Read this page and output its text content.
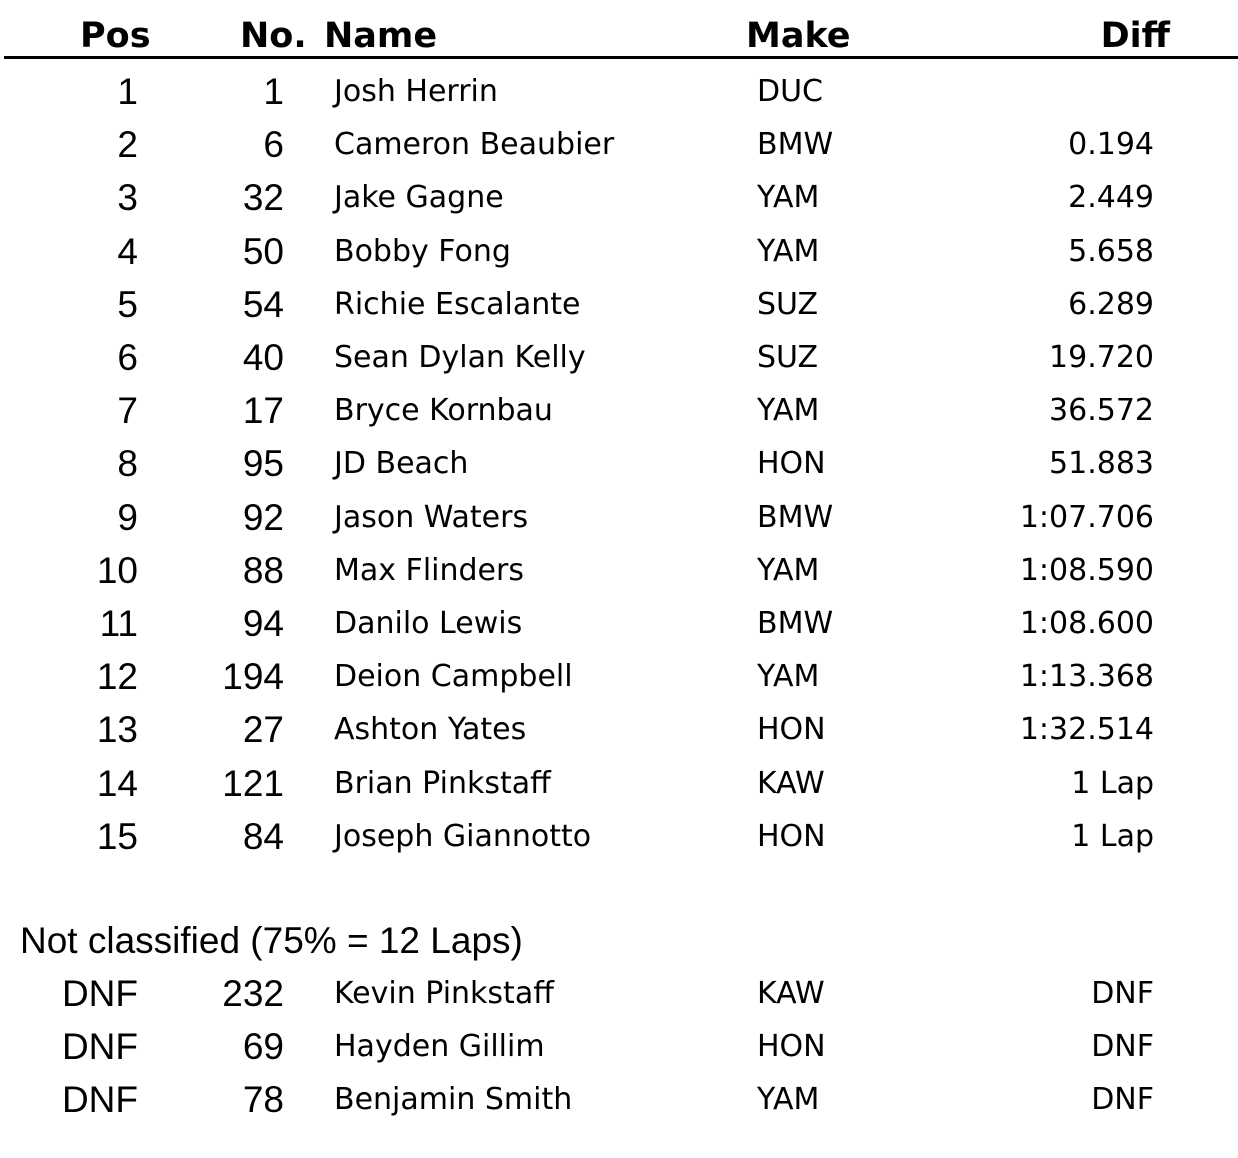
Pos	No. Name	Make	Diff
1	1 Josh Herrin	DUC
2	6 Cameron Beaubier	BMW	0.194
3	32 Jake Gagne	YAM	2.449
4	50 Bobby Fong	YAM	5.658
5	54 Richie Escalante	SUZ	6.289
6	40 Sean Dylan Kelly	SUZ	19.720
7	17 Bryce Kornbau	YAM	36.572
8	95 JD Beach	HON	51.883
9	92 Jason Waters	BMW	1:07.706
10	88 Max Flinders	YAM	1:08.590
11	94 Danilo Lewis	BMW	1:08.600
12	194 Deion Campbell	YAM	1:13.368
13	27 Ashton Yates	HON	1:32.514
14	121 Brian Pinkstaff	KAW	1 Lap
15	84 Joseph Giannotto	HON	1 Lap
Not classified (75% = 12 Laps)
DNF	232 Kevin Pinkstaff	KAW	DNF
DNF	69 Hayden Gillim	HON	DNF
DNF	78 Benjamin Smith	YAM	DNF
